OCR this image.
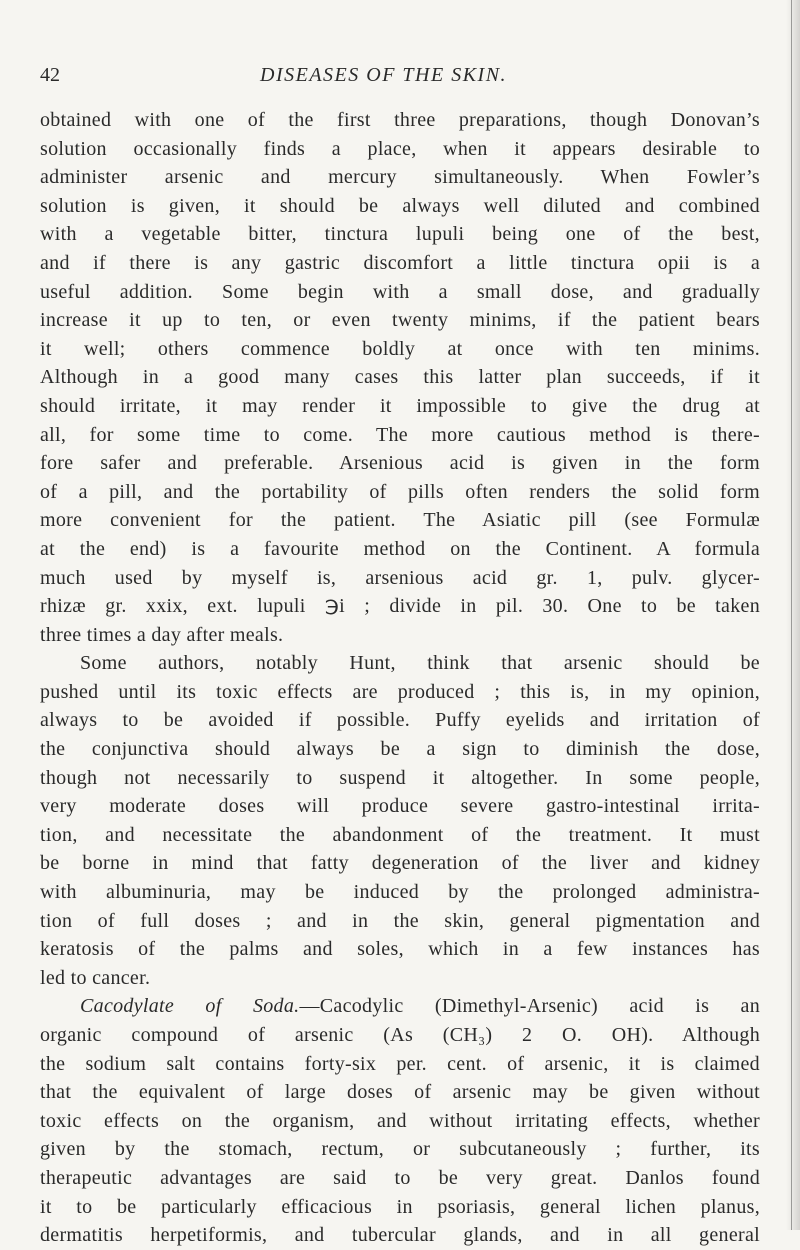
42	DISEASES OF THE SKIN.
obtained with one of the first three preparations, though Donovan’s
solution occasionally finds a place, when it appears desirable to
administer arsenic and mercury simultaneously. When Fowler’s
solution is given, it should be always well diluted and combined
with a vegetable bitter, tinctura lupuli being one of the best,
and if there is any gastric discomfort a little tinctura opii is a
useful addition. Some begin with a small dose, and gradually
increase it up to ten, or even twenty minims, if the patient bears
it well; others commence boldly at once with ten minims.
Although in a good many cases this latter plan succeeds, if it
should irritate, it may render it impossible to give the drug at
all, for some time to come. The more cautious method is there-
fore safer and preferable. Arsenious acid is given in the form
of a pill, and the portability of pills often renders the solid form
more convenient for the patient. The Asiatic pill (see Formulæ
at the end) is a favourite method on the Continent. A formula
much used by myself is, arsenious acid gr. 1, pulv. glycer-
rhizæ gr. xxix, ext. lupuli ℈i ; divide in pil. 30. One to be taken
three times a day after meals.
Some authors, notably Hunt, think that arsenic should be
pushed until its toxic effects are produced ; this is, in my opinion,
always to be avoided if possible. Puffy eyelids and irritation of
the conjunctiva should always be a sign to diminish the dose,
though not necessarily to suspend it altogether. In some people,
very moderate doses will produce severe gastro-intestinal irrita-
tion, and necessitate the abandonment of the treatment. It must
be borne in mind that fatty degeneration of the liver and kidney
with albuminuria, may be induced by the prolonged administra-
tion of full doses ; and in the skin, general pigmentation and
keratosis of the palms and soles, which in a few instances has
led to cancer.
Cacodylate of Soda.—Cacodylic (Dimethyl-Arsenic) acid is an
organic compound of arsenic (As (CH₃) 2 O. OH). Although
the sodium salt contains forty-six per. cent. of arsenic, it is claimed
that the equivalent of large doses of arsenic may be given without
toxic effects on the organism, and without irritating effects, whether
given by the stomach, rectum, or subcutaneously ; further, its
therapeutic advantages are said to be very great. Danlos found
it to be particularly efficacious in psoriasis, general lichen planus,
dermatitis herpetiformis, and tubercular glands, and in all general
